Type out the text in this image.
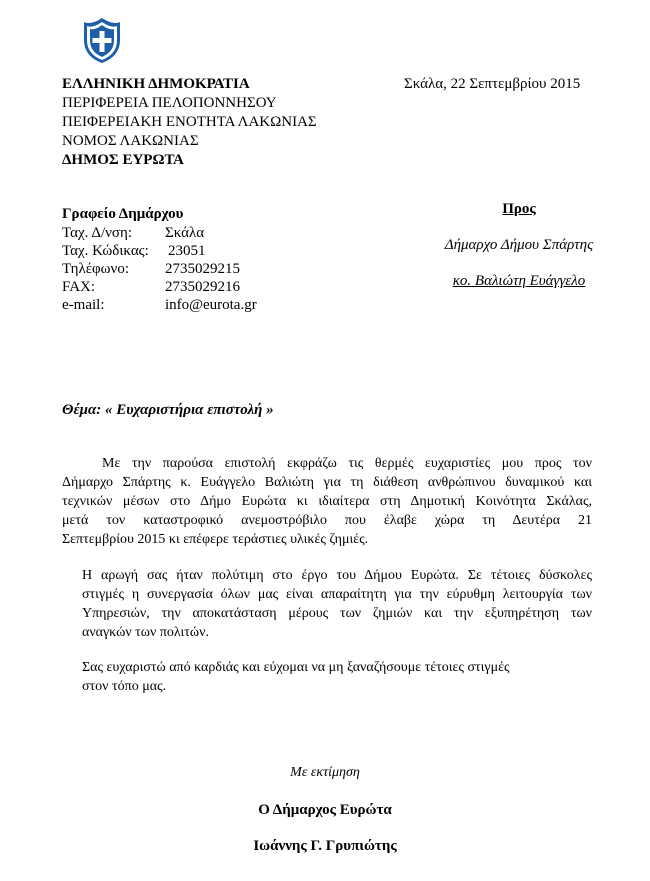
ΕΛΛΗΝΙΚΗ ΔΗΜΟΚΡΑΤΙΑ
ΠΕΡΙΦΕΡΕΙΑ ΠΕΛΟΠΟΝΝΗΣΟΥ
ΠΕΙΦΕΡΕΙΑΚΗ ΕΝΟΤΗΤΑ ΛΑΚΩΝΙΑΣ
ΝΟΜΟΣ ΛΑΚΩΝΙΑΣ
ΔΗΜΟΣ ΕΥΡΩΤΑ
Σκάλα, 22 Σεπτεμβρίου 2015
Γραφείο Δημάρχου
Ταχ. Δ/νση: Σκάλα
Ταχ. Κώδικας: 23051
Τηλέφωνο: 2735029215
FAX:	2735029216
e-mail:	info@eurota.gr
Προς
Δήμαρχο Δήμου Σπάρτης
κο. Βαλιώτη Ευάγγελο
Θέμα: « Ευχαριστήρια επιστολή »
Με την παρούσα επιστολή εκφράζω τις θερμές ευχαριστίες μου προς τον
Δήμαρχο Σπάρτης κ. Ευάγγελο Βαλιώτη για τη διάθεση ανθρώπινου δυναμικού και
τεχνικών μέσων στο Δήμο Ευρώτα κι ιδιαίτερα στη Δημοτική Κοινότητα Σκάλας,
μετά τον καταστροφικό ανεμοστρόβιλο που έλαβε χώρα τη Δευτέρα 21
Σεπτεμβρίου 2015 κι επέφερε τεράστιες υλικές ζημιές.
Η αρωγή σας ήταν πολύτιμη στο έργο του Δήμου Ευρώτα. Σε τέτοιες δύσκολες
στιγμές η συνεργασία όλων μας είναι απαραίτητη για την εύρυθμη λειτουργία των
Υπηρεσιών, την αποκατάσταση μέρους των ζημιών και την εξυπηρέτηση των
αναγκών των πολιτών.
Σας ευχαριστώ από καρδιάς και εύχομαι να μη ξαναζήσουμε τέτοιες στιγμές
στον τόπο μας.
Με εκτίμηση
Ο Δήμαρχος Ευρώτα
Ιωάννης Γ. Γρυπιώτης
